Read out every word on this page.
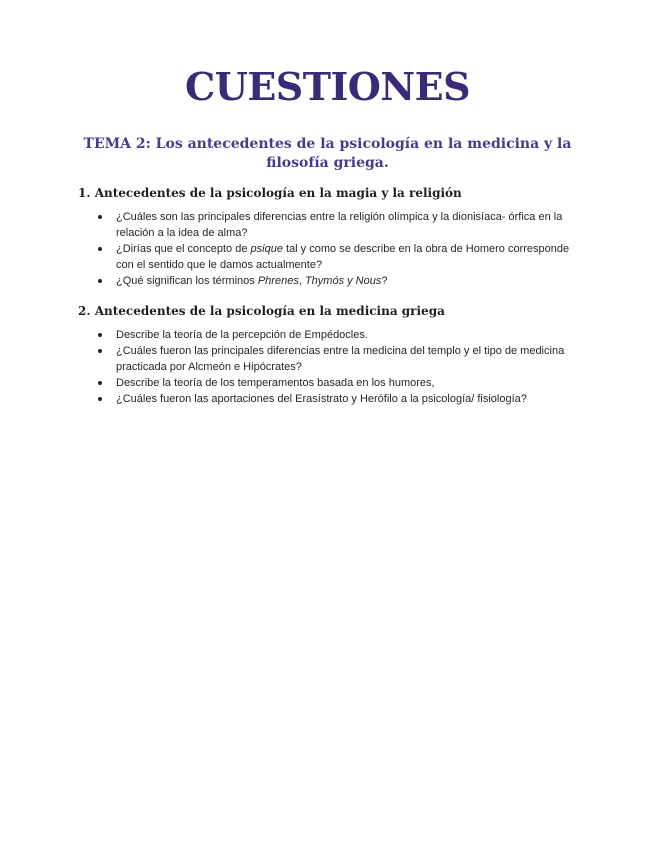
CUESTIONES
TEMA 2: Los antecedentes de la psicología en la medicina y la filosofía griega.
1. Antecedentes de la psicología en la magia y la religión
¿Cuáles son las principales diferencias entre la religión olímpica y la dionisíaca- órfica en la relación a la idea de alma?
¿Dirías que el concepto de psique tal y como se describe en la obra de Homero corresponde con el sentido que le damos actualmente?
¿Qué significan los términos Phrenes, Thymós y Nous?
2. Antecedentes de la psicología en la medicina griega
Describe la teoría de la percepción de Empédocles.
¿Cuáles fueron las principales diferencias entre la medicina del templo y el tipo de medicina practicada por Alcmeón e Hipócrates?
Describe la teoría de los temperamentos basada en los humores,
¿Cuáles fueron las aportaciones del Erasístrato y Herófilo a la psicología/ fisiología?
